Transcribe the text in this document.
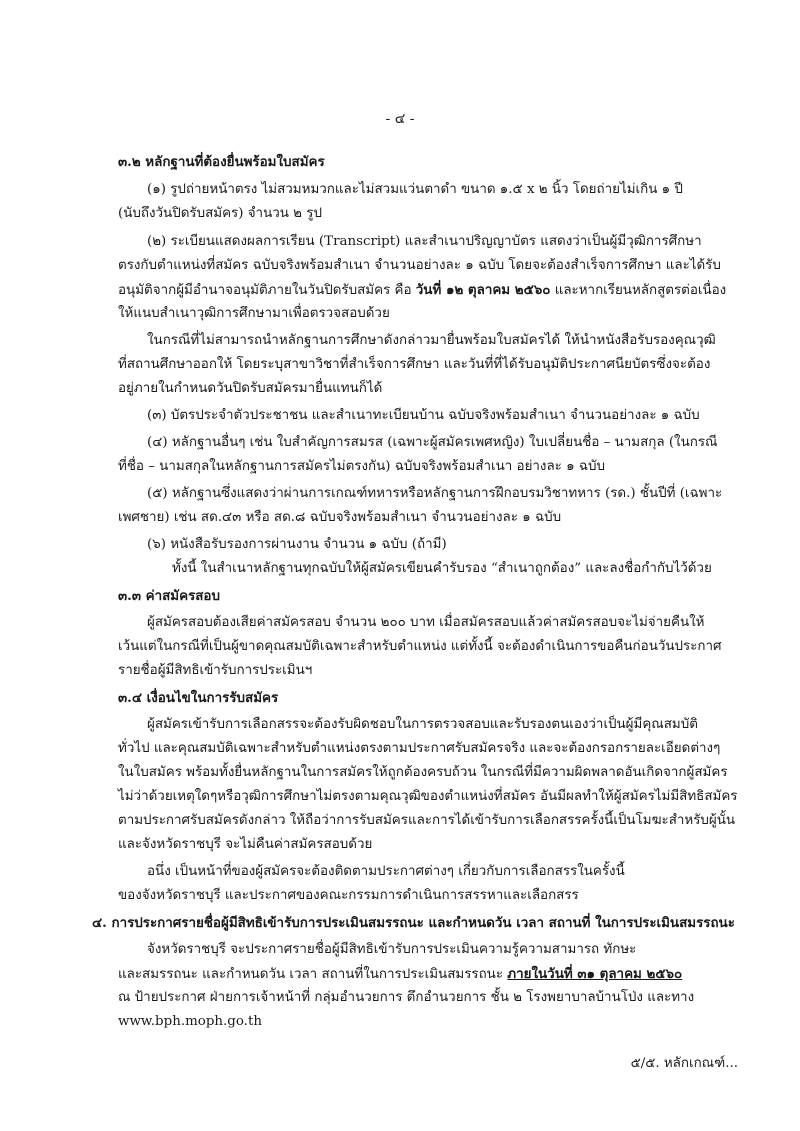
- ๔ -
๓.๒ หลักฐานที่ต้องยื่นพร้อมใบสมัคร
(๑) รูปถ่ายหน้าตรง ไม่สวมหมวกและไม่สวมแว่นตาดำ ขนาด ๑.๕ x ๒ นิ้ว โดยถ่ายไม่เกิน ๑ ปี
(นับถึงวันปิดรับสมัคร) จำนวน ๒ รูป
(๒) ระเบียนแสดงผลการเรียน (Transcript) และสำเนาปริญญาบัตร แสดงว่าเป็นผู้มีวุฒิการศึกษา
ตรงกับตำแหน่งที่สมัคร ฉบับจริงพร้อมสำเนา จำนวนอย่างละ ๑ ฉบับ โดยจะต้องสำเร็จการศึกษา และได้รับ
อนุมัติจากผู้มีอำนาจอนุมัติภายในวันปิดรับสมัคร คือ วันที่ ๑๒ ตุลาคม ๒๕๖๐ และหากเรียนหลักสูตรต่อเนื่อง
ให้แนบสำเนาวุฒิการศึกษามาเพื่อตรวจสอบด้วย
ในกรณีที่ไม่สามารถนำหลักฐานการศึกษาดังกล่าวมายื่นพร้อมใบสมัครได้ ให้นำหนังสือรับรองคุณวุฒิ
ที่สถานศึกษาออกให้ โดยระบุสาขาวิชาที่สำเร็จการศึกษา และวันที่ที่ได้รับอนุมัติประกาศนียบัตรซึ่งจะต้อง
อยู่ภายในกำหนดวันปิดรับสมัครมายื่นแทนก็ได้
(๓) บัตรประจำตัวประชาชน และสำเนาทะเบียนบ้าน ฉบับจริงพร้อมสำเนา จำนวนอย่างละ ๑ ฉบับ
(๔) หลักฐานอื่นๆ เช่น ใบสำคัญการสมรส (เฉพาะผู้สมัครเพศหญิง) ใบเปลี่ยนชื่อ – นามสกุล (ในกรณี
ที่ชื่อ – นามสกุลในหลักฐานการสมัครไม่ตรงกัน) ฉบับจริงพร้อมสำเนา อย่างละ ๑ ฉบับ
(๕) หลักฐานซึ่งแสดงว่าผ่านการเกณฑ์ทหารหรือหลักฐานการฝึกอบรมวิชาทหาร (รด.) ชั้นปีที่ (เฉพาะ
เพศชาย) เช่น สด.๔๓ หรือ สด.๘ ฉบับจริงพร้อมสำเนา จำนวนอย่างละ ๑ ฉบับ
(๖) หนังสือรับรองการผ่านงาน จำนวน ๑ ฉบับ (ถ้ามี)
ทั้งนี้ ในสำเนาหลักฐานทุกฉบับให้ผู้สมัครเขียนคำรับรอง “สำเนาถูกต้อง” และลงชื่อกำกับไว้ด้วย
๓.๓ ค่าสมัครสอบ
ผู้สมัครสอบต้องเสียค่าสมัครสอบ จำนวน ๒๐๐ บาท เมื่อสมัครสอบแล้วค่าสมัครสอบจะไม่จ่ายคืนให้
เว้นแต่ในกรณีที่เป็นผู้ขาดคุณสมบัติเฉพาะสำหรับตำแหน่ง แต่ทั้งนี้ จะต้องดำเนินการขอคืนก่อนวันประกาศ
รายชื่อผู้มีสิทธิเข้ารับการประเมินฯ
๓.๔ เงื่อนไขในการรับสมัคร
ผู้สมัครเข้ารับการเลือกสรรจะต้องรับผิดชอบในการตรวจสอบและรับรองตนเองว่าเป็นผู้มีคุณสมบัติ
ทั่วไป และคุณสมบัติเฉพาะสำหรับตำแหน่งตรงตามประกาศรับสมัครจริง และจะต้องกรอกรายละเอียดต่างๆ
ในใบสมัคร พร้อมทั้งยื่นหลักฐานในการสมัครให้ถูกต้องครบถ้วน ในกรณีที่มีความผิดพลาดอันเกิดจากผู้สมัคร
ไม่ว่าด้วยเหตุใดๆหรือวุฒิการศึกษาไม่ตรงตามคุณวุฒิของตำแหน่งที่สมัคร อันมีผลทำให้ผู้สมัครไม่มีสิทธิสมัคร
ตามประกาศรับสมัครดังกล่าว ให้ถือว่าการรับสมัครและการได้เข้ารับการเลือกสรรครั้งนี้เป็นโมฆะสำหรับผู้นั้น
และจังหวัดราชบุรี จะไม่คืนค่าสมัครสอบด้วย
อนึ่ง เป็นหน้าที่ของผู้สมัครจะต้องติดตามประกาศต่างๆ เกี่ยวกับการเลือกสรรในครั้งนี้
ของจังหวัดราชบุรี และประกาศของคณะกรรมการดำเนินการสรรหาและเลือกสรร
๔. การประกาศรายชื่อผู้มีสิทธิเข้ารับการประเมินสมรรถนะ และกำหนดวัน เวลา สถานที่ ในการประเมินสมรรถนะ
จังหวัดราชบุรี จะประกาศรายชื่อผู้มีสิทธิเข้ารับการประเมินความรู้ความสามารถ ทักษะ
และสมรรถนะ และกำหนดวัน เวลา สถานที่ในการประเมินสมรรถนะ ภายในวันที่ ๓๑ ตุลาคม ๒๕๖๐
ณ ป้ายประกาศ ฝ่ายการเจ้าหน้าที่ กลุ่มอำนวยการ ตึกอำนวยการ ชั้น ๒ โรงพยาบาลบ้านโป่ง และทาง
www.bph.moph.go.th
๕/๕. หลักเกณฑ์...
